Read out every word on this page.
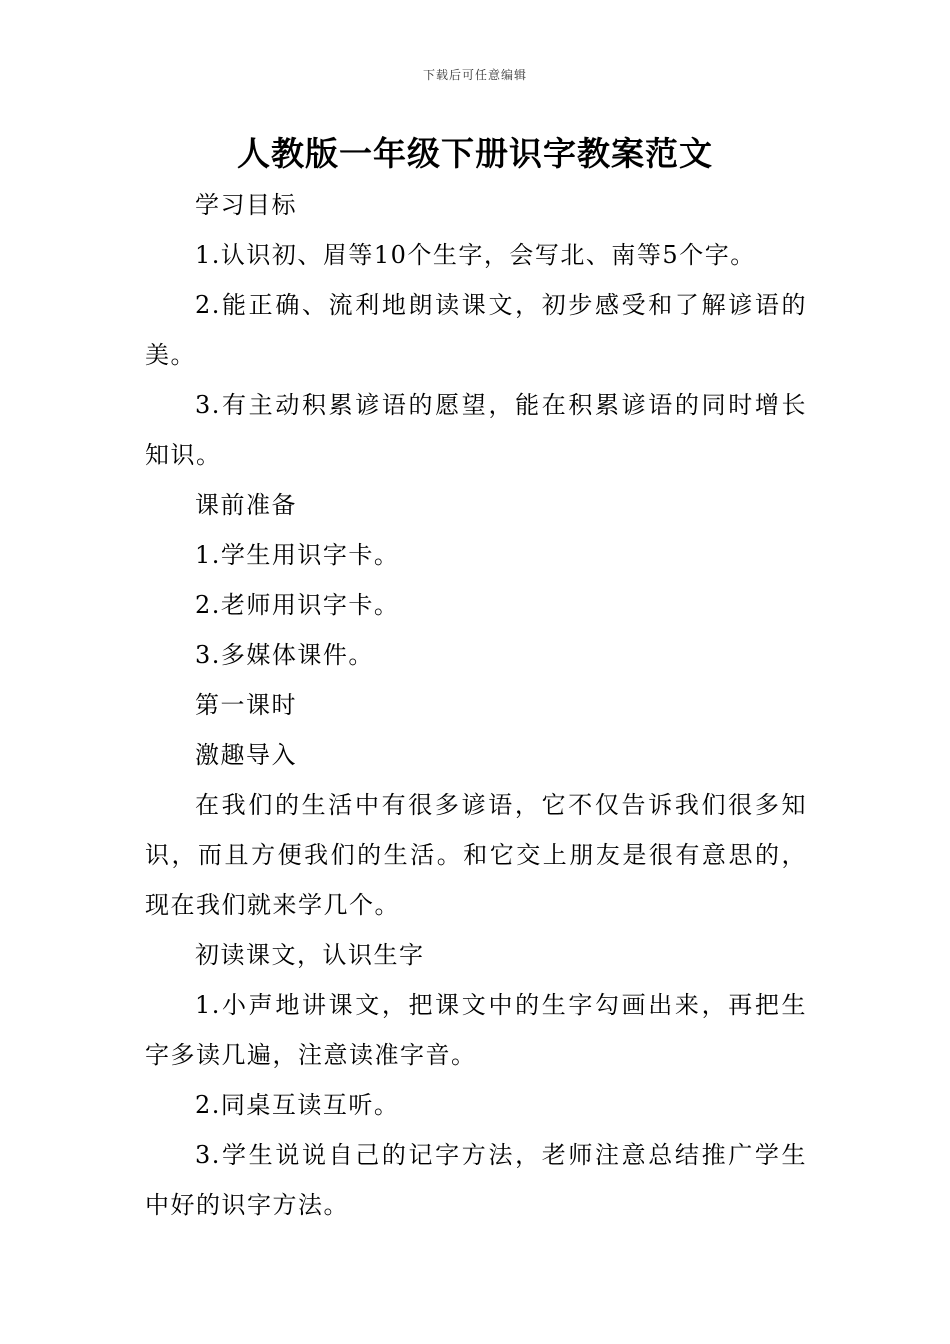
下载后可任意编辑
人教版一年级下册识字教案范文

学习目标

1.认识初、眉等10个生字，会写北、南等5个字。

2.能正确、流利地朗读课文，初步感受和了解谚语的美。

3.有主动积累谚语的愿望，能在积累谚语的同时增长知识。

课前准备

1.学生用识字卡。

2.老师用识字卡。

3.多媒体课件。

第一课时

激趣导入

在我们的生活中有很多谚语，它不仅告诉我们很多知识，而且方便我们的生活。和它交上朋友是很有意思的，现在我们就来学几个。

初读课文，认识生字

1.小声地讲课文，把课文中的生字勾画出来，再把生字多读几遍，注意读准字音。

2.同桌互读互听。

3.学生说说自己的记字方法，老师注意总结推广学生中好的识字方法。
